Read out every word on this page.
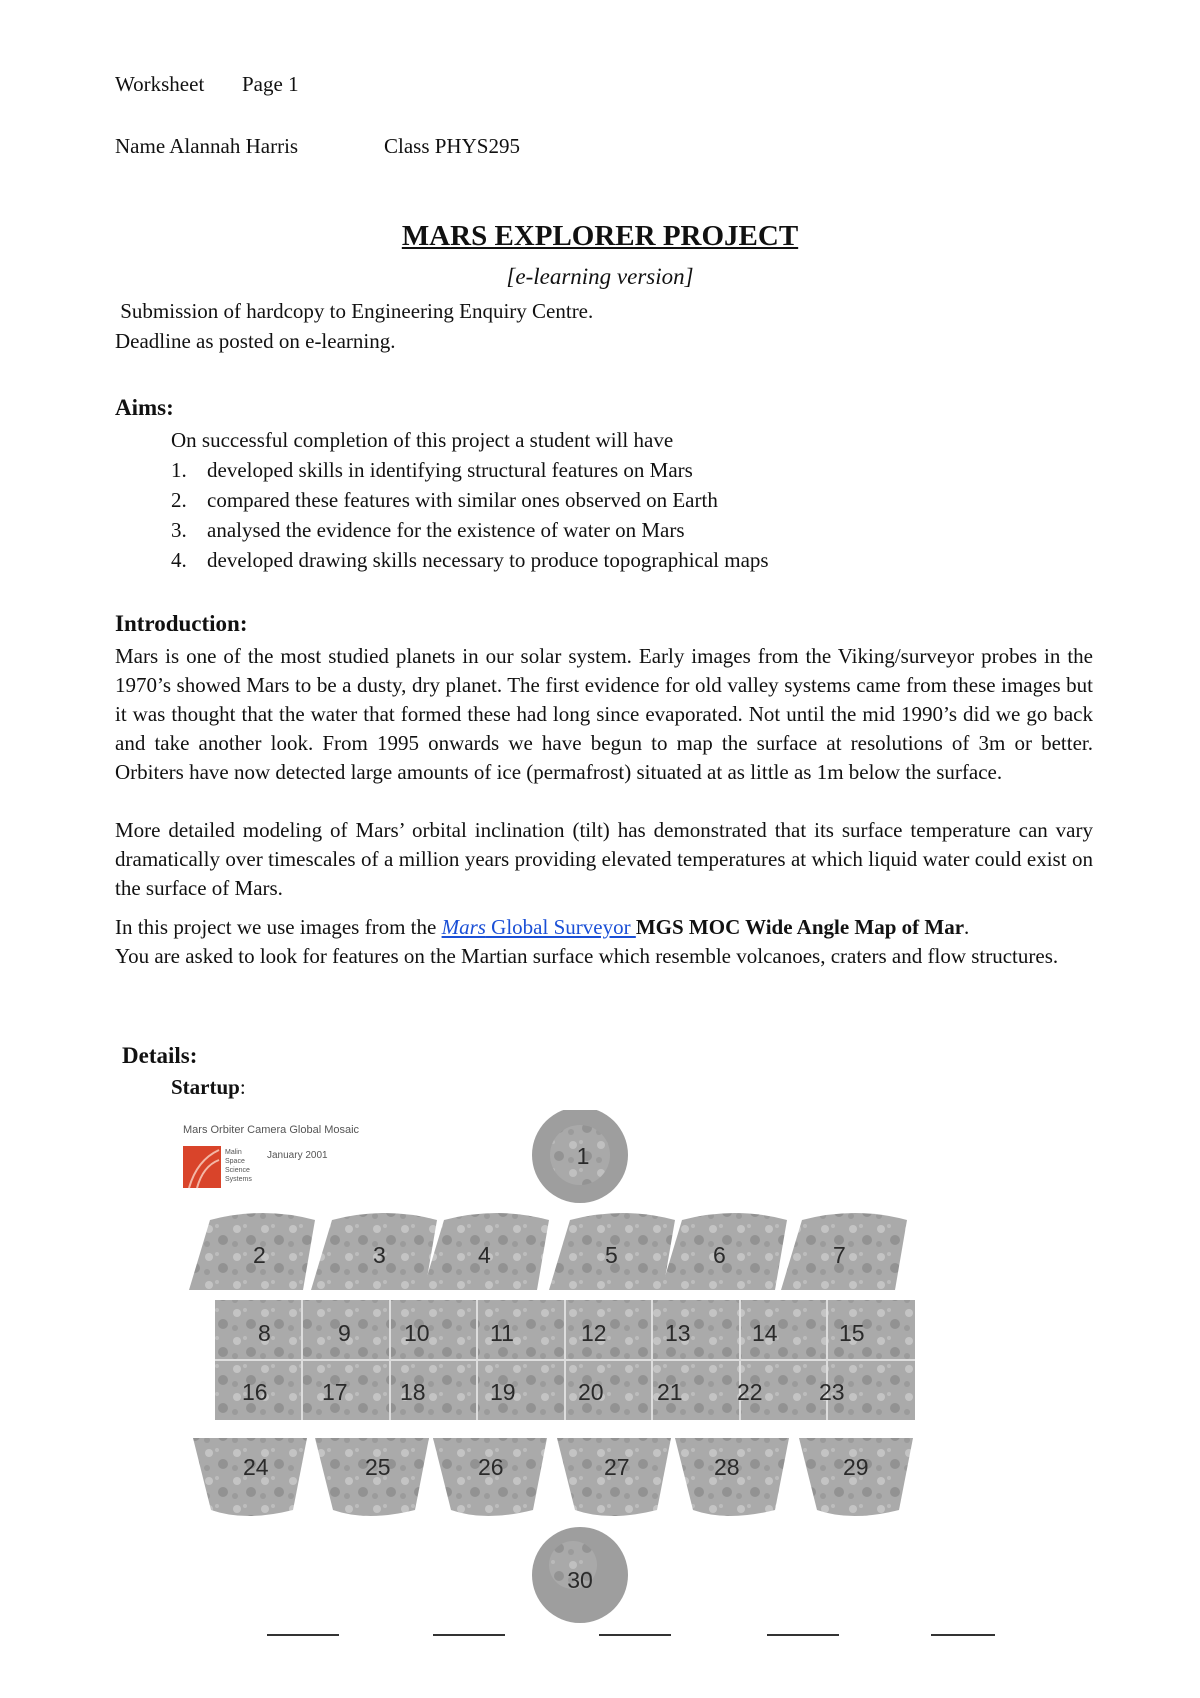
Worksheet Page 1
Name Alannah Harris	Class PHYS295
MARS EXPLORER PROJECT
[e-learning version]
Submission of hardcopy to Engineering Enquiry Centre.
Deadline as posted on e-learning.
Aims:
On successful completion of this project a student will have
1. developed skills in identifying structural features on Mars
2. compared these features with similar ones observed on Earth
3. analysed the evidence for the existence of water on Mars
4. developed drawing skills necessary to produce topographical maps
Introduction:
Mars is one of the most studied planets in our solar system. Early images from the Viking/surveyor probes in the 1970’s showed Mars to be a dusty, dry planet. The first evidence for old valley systems came from these images but it was thought that the water that formed these had long since evaporated. Not until the mid 1990’s did we go back and take another look. From 1995 onwards we have begun to map the surface at resolutions of 3m or better. Orbiters have now detected large amounts of ice (permafrost) situated at as little as 1m below the surface.
More detailed modeling of Mars’ orbital inclination (tilt) has demonstrated that its surface temperature can vary dramatically over timescales of a million years providing elevated temperatures at which liquid water could exist on the surface of Mars.
In this project we use images from the Mars Global Surveyor MGS MOC Wide Angle Map of Mar.
You are asked to look for features on the Martian surface which resemble volcanoes, craters and flow structures.
Details:
Startup:
Mars Orbiter Camera Global Mosaic
Malin
Space
Science
Systems
January 2001	1
2	3	4	5	6	7
8	9 10	11	12	13	14	15
16 17 18	19	20 21 22 23
24	25	26	27	28	29
30
